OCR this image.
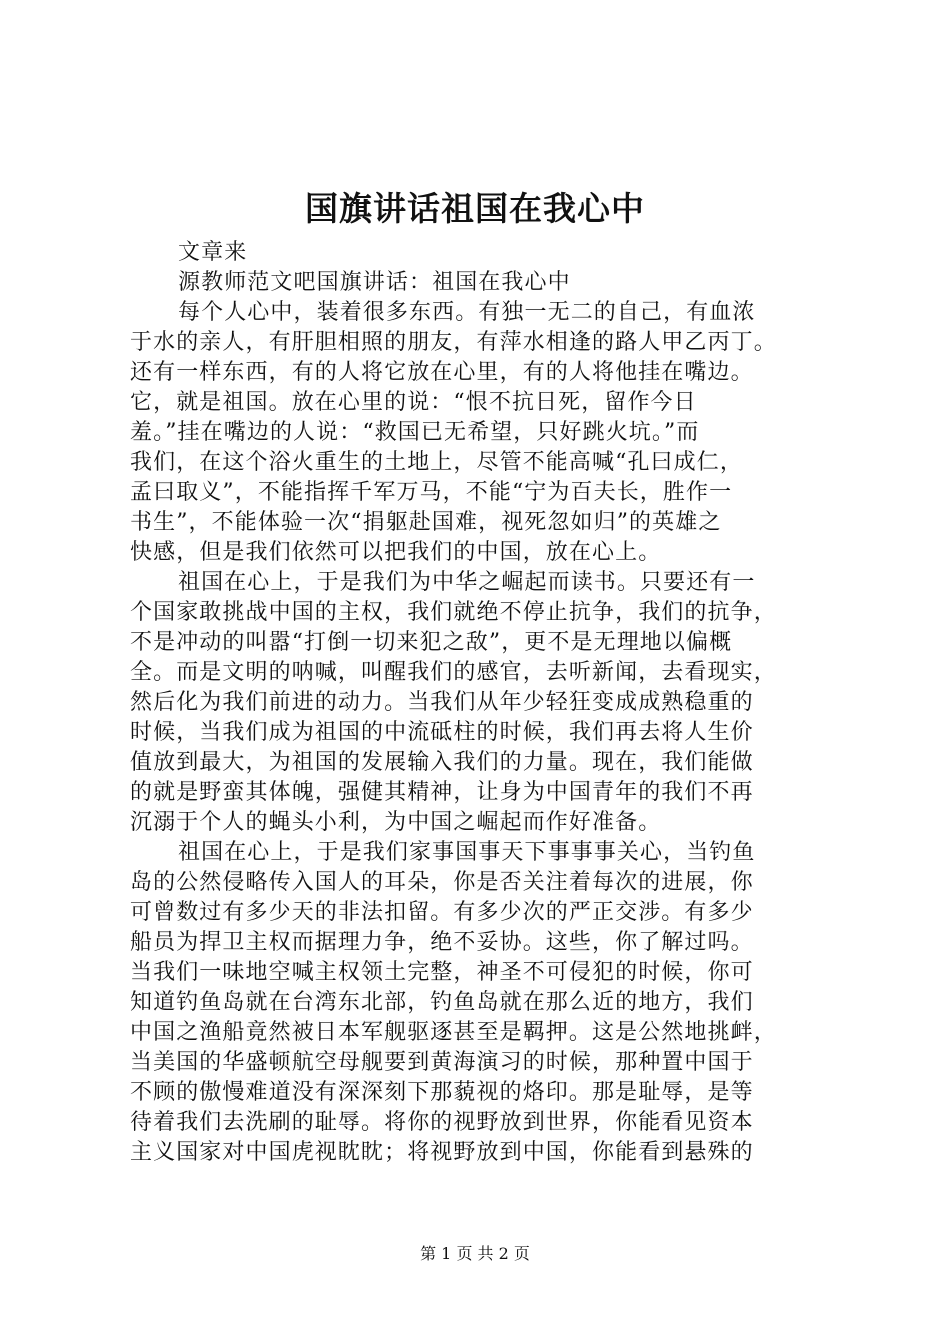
国旗讲话祖国在我心中
文章来
源教师范文吧国旗讲话：祖国在我心中
每个人心中，装着很多东西。有独一无二的自己，有血浓
于水的亲人，有肝胆相照的朋友，有萍水相逢的路人甲乙丙丁。
还有一样东西，有的人将它放在心里，有的人将他挂在嘴边。
它，就是祖国。放在心里的说：“恨不抗日死，留作今日
羞。”挂在嘴边的人说：“救国已无希望，只好跳火坑。”而
我们，在这个浴火重生的土地上，尽管不能高喊“孔曰成仁，
孟曰取义”，不能指挥千军万马，不能“宁为百夫长，胜作一
书生”，不能体验一次“捐躯赴国难，视死忽如归”的英雄之
快感，但是我们依然可以把我们的中国，放在心上。
祖国在心上，于是我们为中华之崛起而读书。只要还有一
个国家敢挑战中国的主权，我们就绝不停止抗争，我们的抗争，
不是冲动的叫嚣“打倒一切来犯之敌”，更不是无理地以偏概
全。而是文明的呐喊，叫醒我们的感官，去听新闻，去看现实，
然后化为我们前进的动力。当我们从年少轻狂变成成熟稳重的
时候，当我们成为祖国的中流砥柱的时候，我们再去将人生价
值放到最大，为祖国的发展输入我们的力量。现在，我们能做
的就是野蛮其体魄，强健其精神，让身为中国青年的我们不再
沉溺于个人的蝇头小利，为中国之崛起而作好准备。
祖国在心上，于是我们家事国事天下事事事关心，当钓鱼
岛的公然侵略传入国人的耳朵，你是否关注着每次的进展，你
可曾数过有多少天的非法扣留。有多少次的严正交涉。有多少
船员为捍卫主权而据理力争，绝不妥协。这些，你了解过吗。
当我们一味地空喊主权领土完整，神圣不可侵犯的时候，你可
知道钓鱼岛就在台湾东北部，钓鱼岛就在那么近的地方，我们
中国之渔船竟然被日本军舰驱逐甚至是羁押。这是公然地挑衅，
当美国的华盛顿航空母舰要到黄海演习的时候，那种置中国于
不顾的傲慢难道没有深深刻下那藐视的烙印。那是耻辱，是等
待着我们去洗刷的耻辱。将你的视野放到世界，你能看见资本
主义国家对中国虎视眈眈；将视野放到中国，你能看到悬殊的
第 1 页 共 2 页
